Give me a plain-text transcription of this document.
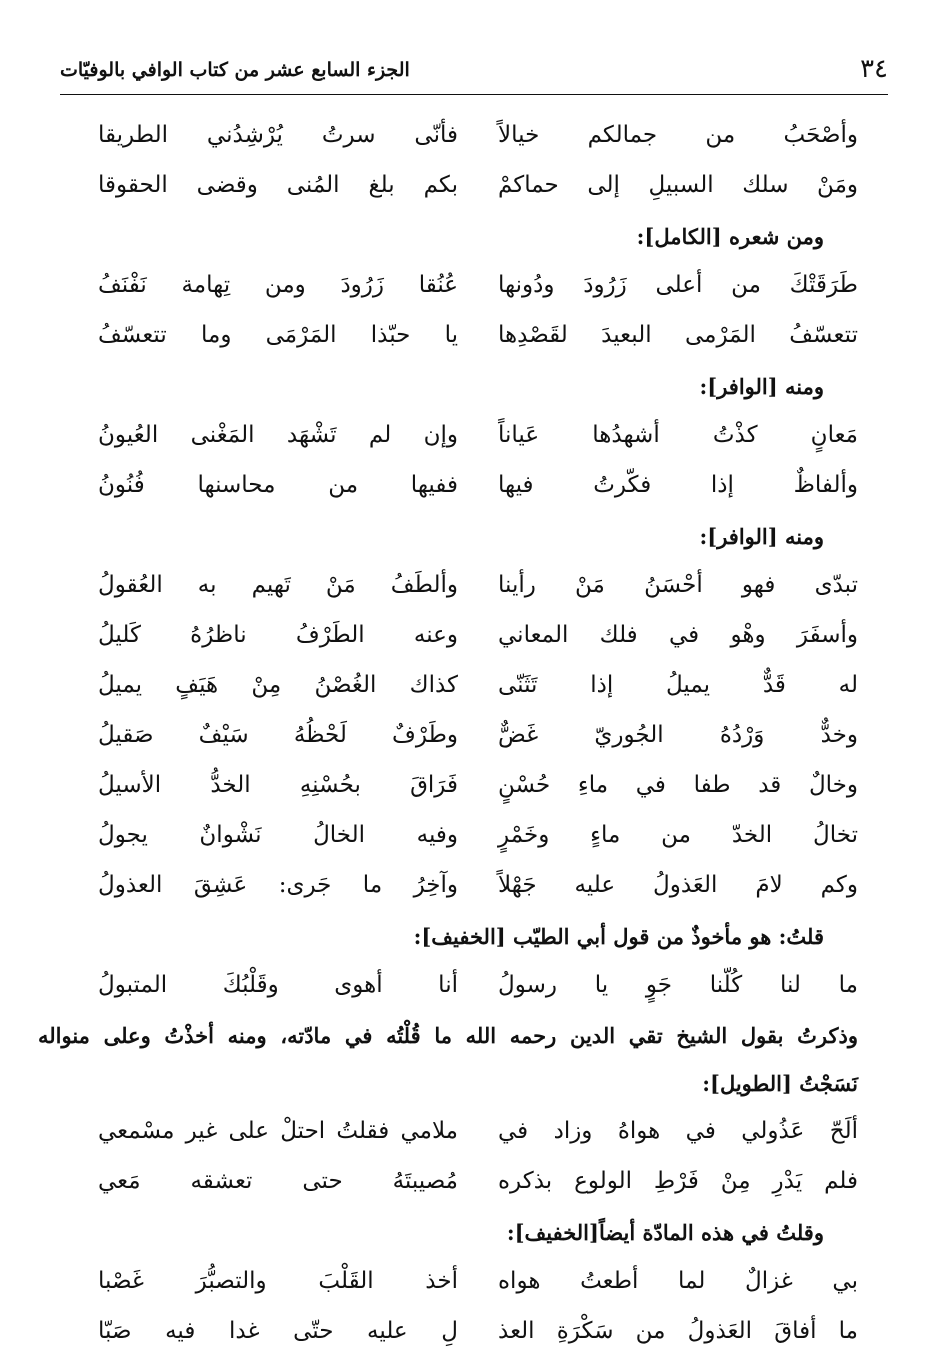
٣٤
الجزء السابع عشر من كتاب الوافي بالوفيّات
وأصْحَبُ من جمالكم خيالاً
فأنّى سرتُ يُرْشِدُني الطريقا
ومَنْ سلك السبيلِ إلى حماكمْ
بكم بلغ المُنى وقضى الحقوقا
ومن شعره [الكامل]:
طَرَقَتْكَ من أعلى زَرُودَ ودُونها
عُنُقا زَرُودَ ومن تِهامة نَفْنَفُ
تتعسّفُ المَرْمى البعيدَ لقَصْدِها
يا حبّذا المَرْمَى وما تتعسّفُ
ومنه [الوافر]:
مَعانٍ كذْتُ أشهدُها عَياناً
وإن لم تَشْهَد المَغْنى العُيونُ
وألفاظٌ إذا فكّرتُ فيها
ففيها من محاسنها فُنُونُ
ومنه [الوافر]:
تبدّى فهو أحْسَنُ مَنْ رأينا
وألطَفُ مَنْ تَهيم به العُقولُ
وأسفَرَ وهْو في فلك المعاني
وعنه الطَرْفُ ناظرُهُ كَليلُ
له قَدٌّ يميلُ إذا تَثَنّى
كذاك الغُصْنُ مِنْ هَيَفٍ يميلُ
وخدٌّ وَرْدُهُ الجُوريّ غَضٌّ
وطَرْفٌ لَحْظُهُ سَيْفٌ صَقيلُ
وخالٌ قد طفا في ماءِ حُسْنٍ
فَرَاقَ بحُسْنِهِ الخدُّ الأسيلُ
تخالُ الخدّ من ماءٍ وخَمْرٍ
وفيه الخالُ نَشْوانٌ يجولُ
وكم لامَ العَذولُ عليه جَهْلاً
وآخِرُ ما جَرى: عَشِقَ العذولُ
قلتُ: هو مأخوذٌ من قول أبي الطيّب [الخفيف]:
ما لنا كُلّنا جَوٍ يا رسولُ
أنا أهوى وقَلْبُكَ المتبولُ
وذكرتُ بقول الشيخ تقي الدين رحمه الله ما قُلْتُه في مادّته، ومنه أخذْتُ وعلى منواله
نَسَجْتُ [الطويل]:
ألَحّ عَذُولي في هواهُ وزاد في
ملامي فقلتُ احتلْ على غير مسْمعي
فلم يَدْرِ مِنْ فَرْطِ الولوع بذكره
مُصيبتَهُ حتى تعشقه مَعي
وقلتُ في هذه المادّة أيضاً[الخفيف]:
بي غزالٌ لما أطعتُ هواه
أخذ القَلْبَ والتصبُّرَ غَصْبا
ما أفاقَ العَذولُ من سَكْرَةِ العذ
لِ عليه حتّى غدا فيه صَبّا
